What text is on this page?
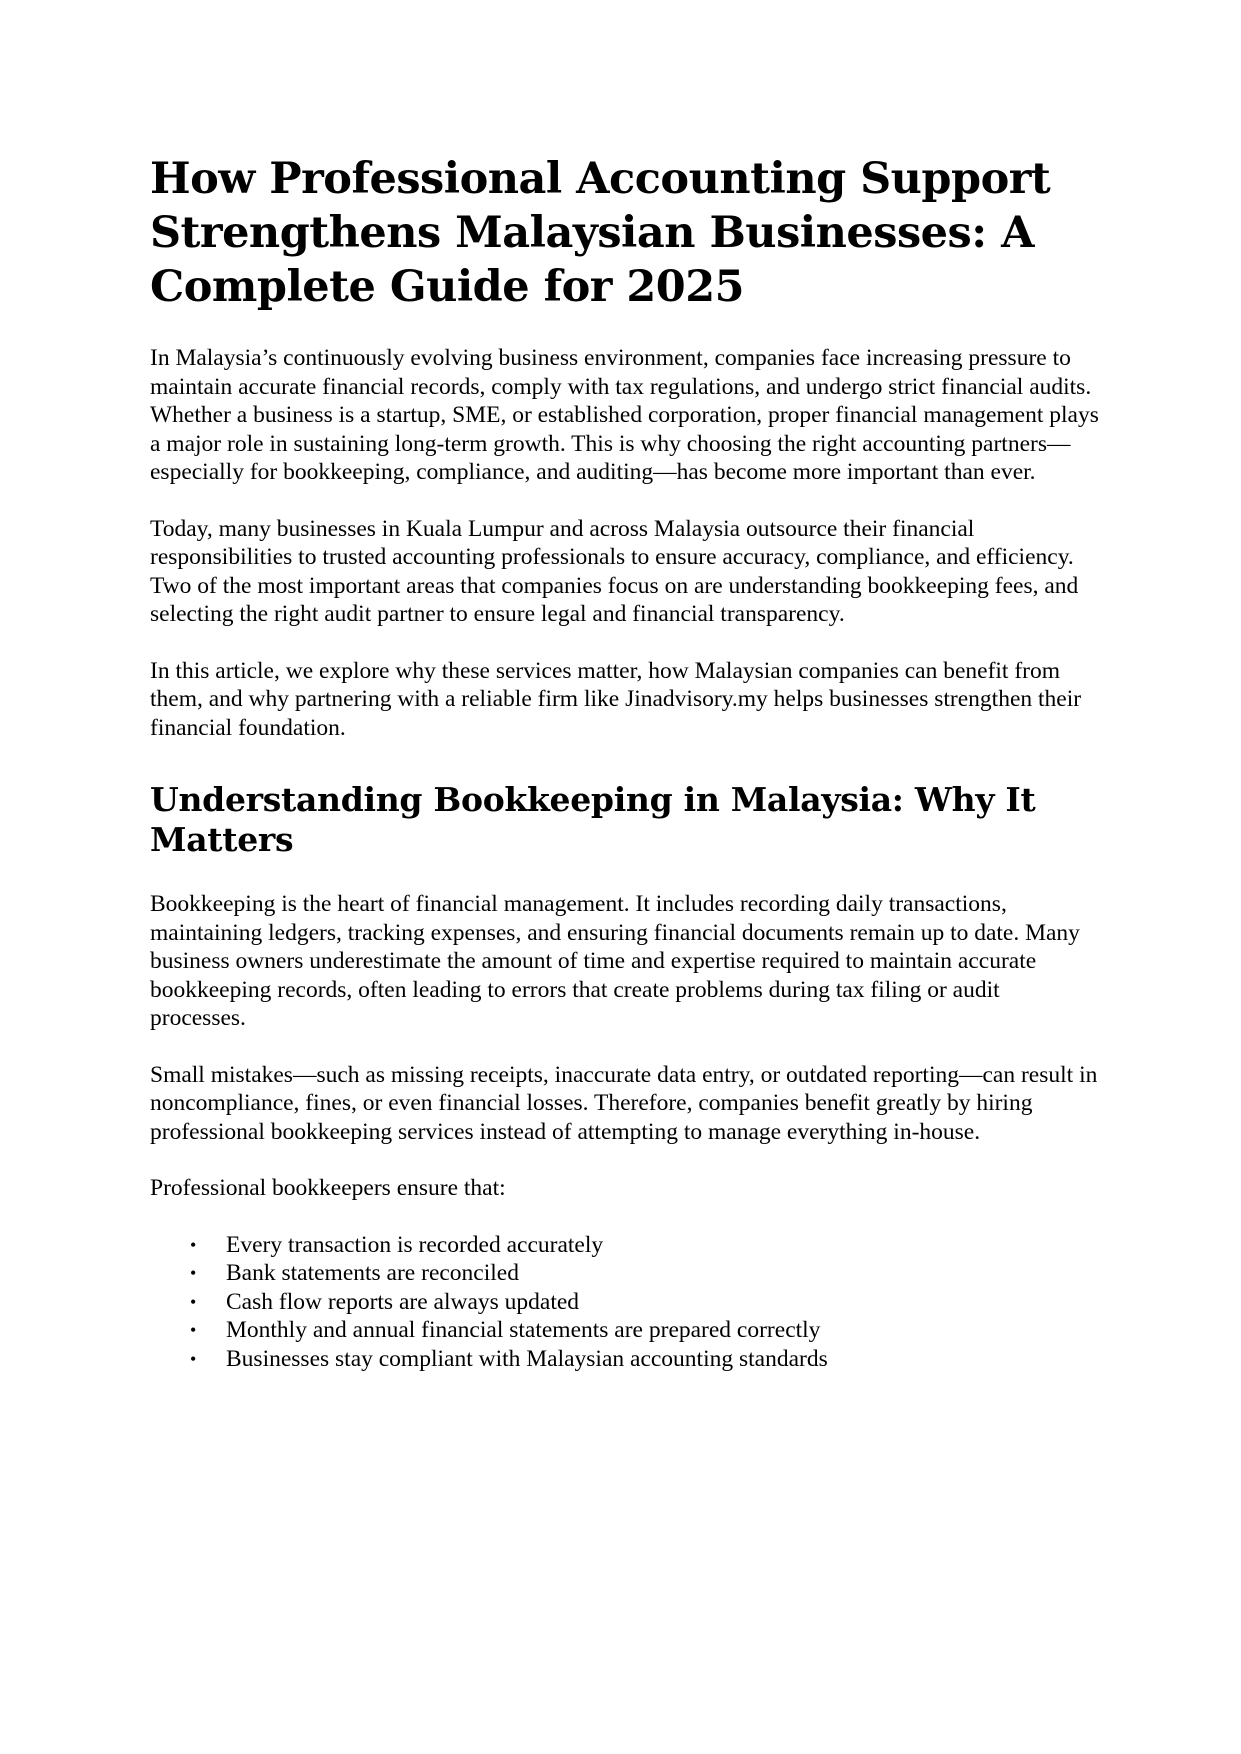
How Professional Accounting Support Strengthens Malaysian Businesses: A Complete Guide for 2025

In Malaysia’s continuously evolving business environment, companies face increasing pressure to maintain accurate financial records, comply with tax regulations, and undergo strict financial audits. Whether a business is a startup, SME, or established corporation, proper financial management plays a major role in sustaining long-term growth. This is why choosing the right accounting partners—especially for bookkeeping, compliance, and auditing—has become more important than ever.

Today, many businesses in Kuala Lumpur and across Malaysia outsource their financial responsibilities to trusted accounting professionals to ensure accuracy, compliance, and efficiency. Two of the most important areas that companies focus on are understanding bookkeeping fees, and selecting the right audit partner to ensure legal and financial transparency.

In this article, we explore why these services matter, how Malaysian companies can benefit from them, and why partnering with a reliable firm like Jinadvisory.my helps businesses strengthen their financial foundation.

Understanding Bookkeeping in Malaysia: Why It Matters

Bookkeeping is the heart of financial management. It includes recording daily transactions, maintaining ledgers, tracking expenses, and ensuring financial documents remain up to date. Many business owners underestimate the amount of time and expertise required to maintain accurate bookkeeping records, often leading to errors that create problems during tax filing or audit processes.

Small mistakes—such as missing receipts, inaccurate data entry, or outdated reporting—can result in noncompliance, fines, or even financial losses. Therefore, companies benefit greatly by hiring professional bookkeeping services instead of attempting to manage everything in-house.

Professional bookkeepers ensure that:

• Every transaction is recorded accurately
• Bank statements are reconciled
• Cash flow reports are always updated
• Monthly and annual financial statements are prepared correctly
• Businesses stay compliant with Malaysian accounting standards
